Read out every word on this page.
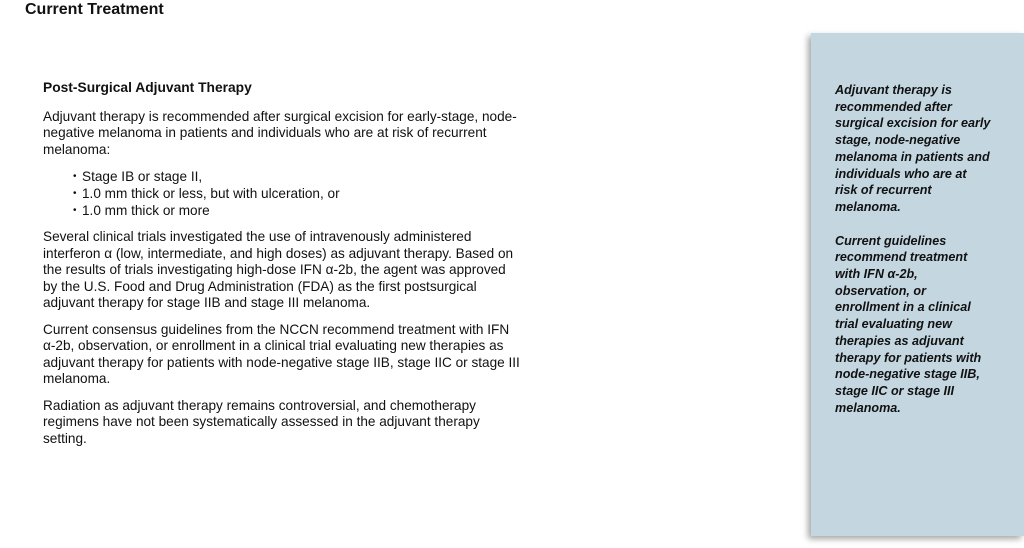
Current Treatment
Post-Surgical Adjuvant Therapy

Adjuvant therapy is recommended after surgical excision for early-stage, node-negative melanoma in patients and individuals who are at risk of recurrent melanoma:

• Stage IB or stage II,
• 1.0 mm thick or less, but with ulceration, or
• 1.0 mm thick or more

Several clinical trials investigated the use of intravenously administered interferon α (low, intermediate, and high doses) as adjuvant therapy. Based on the results of trials investigating high-dose IFN α-2b, the agent was approved by the U.S. Food and Drug Administration (FDA) as the first postsurgical adjuvant therapy for stage IIB and stage III melanoma.

Current consensus guidelines from the NCCN recommend treatment with IFN α-2b, observation, or enrollment in a clinical trial evaluating new therapies as adjuvant therapy for patients with node-negative stage IIB, stage IIC or stage III melanoma.

Radiation as adjuvant therapy remains controversial, and chemotherapy regimens have not been systematically assessed in the adjuvant therapy setting.

Adjuvant therapy is recommended after surgical excision for early stage, node-negative melanoma in patients and individuals who are at risk of recurrent melanoma.

Current guidelines recommend treatment with IFN α-2b, observation, or enrollment in a clinical trial evaluating new therapies as adjuvant therapy for patients with node-negative stage IIB, stage IIC or stage III melanoma.
